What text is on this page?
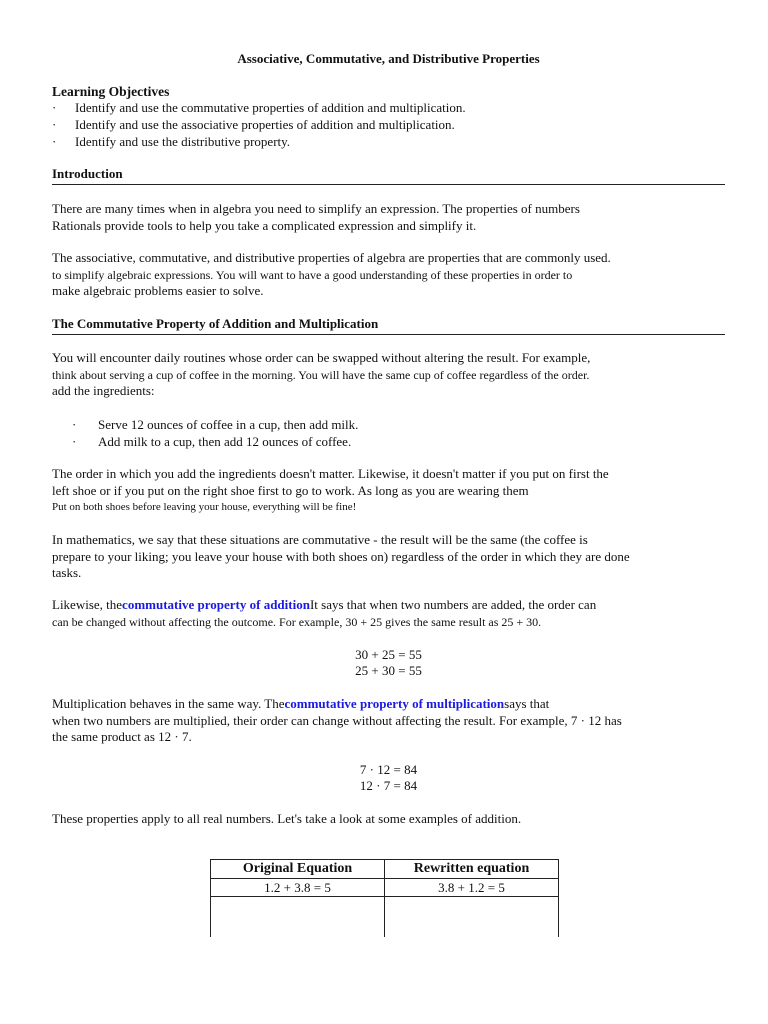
Associative, Commutative, and Distributive Properties
Learning Objectives
· Identify and use the commutative properties of addition and multiplication.
· Identify and use the associative properties of addition and multiplication.
· Identify and use the distributive property.
Introduction
There are many times when in algebra you need to simplify an expression. The properties of numbers
Rationals provide tools to help you take a complicated expression and simplify it.
The associative, commutative, and distributive properties of algebra are properties that are commonly used.
to simplify algebraic expressions. You will want to have a good understanding of these properties in order to
make algebraic problems easier to solve.
The Commutative Property of Addition and Multiplication
You will encounter daily routines whose order can be swapped without altering the result. For example,
think about serving a cup of coffee in the morning. You will have the same cup of coffee regardless of the order.
add the ingredients:
· Serve 12 ounces of coffee in a cup, then add milk.
· Add milk to a cup, then add 12 ounces of coffee.
The order in which you add the ingredients doesn't matter. Likewise, it doesn't matter if you put on first the
left shoe or if you put on the right shoe first to go to work. As long as you are wearing them
Put on both shoes before leaving your house, everything will be fine!
In mathematics, we say that these situations are commutative - the result will be the same (the coffee is
prepare to your liking; you leave your house with both shoes on) regardless of the order in which they are done
tasks.
Likewise, thecommutative property of additionIt says that when two numbers are added, the order can
can be changed without affecting the outcome. For example, 30 + 25 gives the same result as 25 + 30.
30 + 25 = 55
25 + 30 = 55
Multiplication behaves in the same way. Thecommutative property of multiplicationsays that
when two numbers are multiplied, their order can change without affecting the result. For example, 7 · 12 has
the same product as 12 · 7.
7 · 12 = 84
12 · 7 = 84
These properties apply to all real numbers. Let's take a look at some examples of addition.
Original Equation	Rewritten equation
1.2 + 3.8 = 5	3.8 + 1.2 = 5
